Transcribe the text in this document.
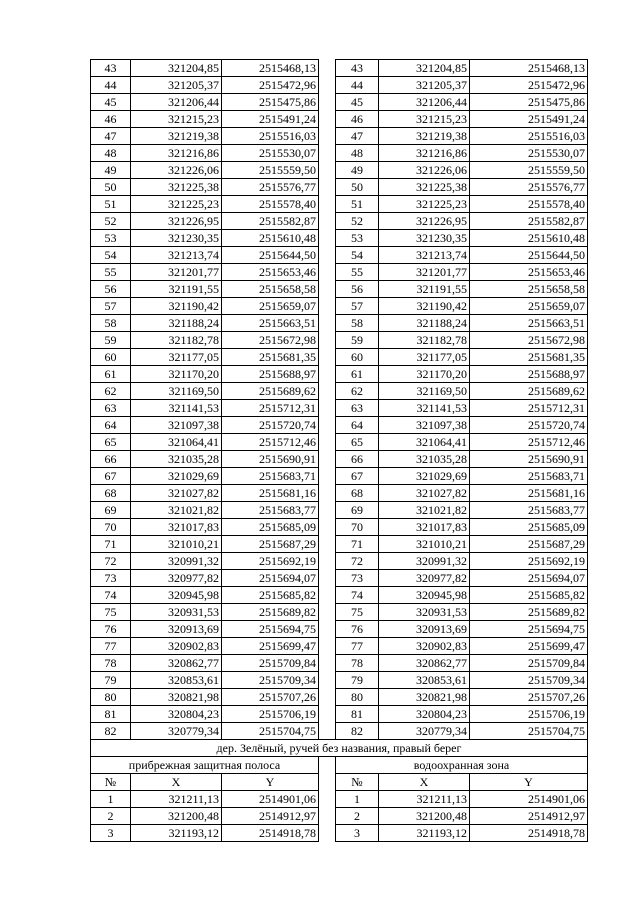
43	321204,85	2515468,13		43	321204,85	2515468,13
44	321205,37	2515472,96		44	321205,37	2515472,96
45	321206,44	2515475,86		45	321206,44	2515475,86
46	321215,23	2515491,24		46	321215,23	2515491,24
47	321219,38	2515516,03		47	321219,38	2515516,03
48	321216,86	2515530,07		48	321216,86	2515530,07
49	321226,06	2515559,50		49	321226,06	2515559,50
50	321225,38	2515576,77		50	321225,38	2515576,77
51	321225,23	2515578,40		51	321225,23	2515578,40
52	321226,95	2515582,87		52	321226,95	2515582,87
53	321230,35	2515610,48		53	321230,35	2515610,48
54	321213,74	2515644,50		54	321213,74	2515644,50
55	321201,77	2515653,46		55	321201,77	2515653,46
56	321191,55	2515658,58		56	321191,55	2515658,58
57	321190,42	2515659,07		57	321190,42	2515659,07
58	321188,24	2515663,51		58	321188,24	2515663,51
59	321182,78	2515672,98		59	321182,78	2515672,98
60	321177,05	2515681,35		60	321177,05	2515681,35
61	321170,20	2515688,97		61	321170,20	2515688,97
62	321169,50	2515689,62		62	321169,50	2515689,62
63	321141,53	2515712,31		63	321141,53	2515712,31
64	321097,38	2515720,74		64	321097,38	2515720,74
65	321064,41	2515712,46		65	321064,41	2515712,46
66	321035,28	2515690,91		66	321035,28	2515690,91
67	321029,69	2515683,71		67	321029,69	2515683,71
68	321027,82	2515681,16		68	321027,82	2515681,16
69	321021,82	2515683,77		69	321021,82	2515683,77
70	321017,83	2515685,09		70	321017,83	2515685,09
71	321010,21	2515687,29		71	321010,21	2515687,29
72	320991,32	2515692,19		72	320991,32	2515692,19
73	320977,82	2515694,07		73	320977,82	2515694,07
74	320945,98	2515685,82		74	320945,98	2515685,82
75	320931,53	2515689,82		75	320931,53	2515689,82
76	320913,69	2515694,75		76	320913,69	2515694,75
77	320902,83	2515699,47		77	320902,83	2515699,47
78	320862,77	2515709,84		78	320862,77	2515709,84
79	320853,61	2515709,34		79	320853,61	2515709,34
80	320821,98	2515707,26		80	320821,98	2515707,26
81	320804,23	2515706,19		81	320804,23	2515706,19
82	320779,34	2515704,75		82	320779,34	2515704,75
дер. Зелёный, ручей без названия, правый берег						
прибрежная защитная полоса				водоохранная зона		
№	X	Y		№	X	Y
1	321211,13	2514901,06		1	321211,13	2514901,06
2	321200,48	2514912,97		2	321200,48	2514912,97
3	321193,12	2514918,78		3	321193,12	2514918,78
